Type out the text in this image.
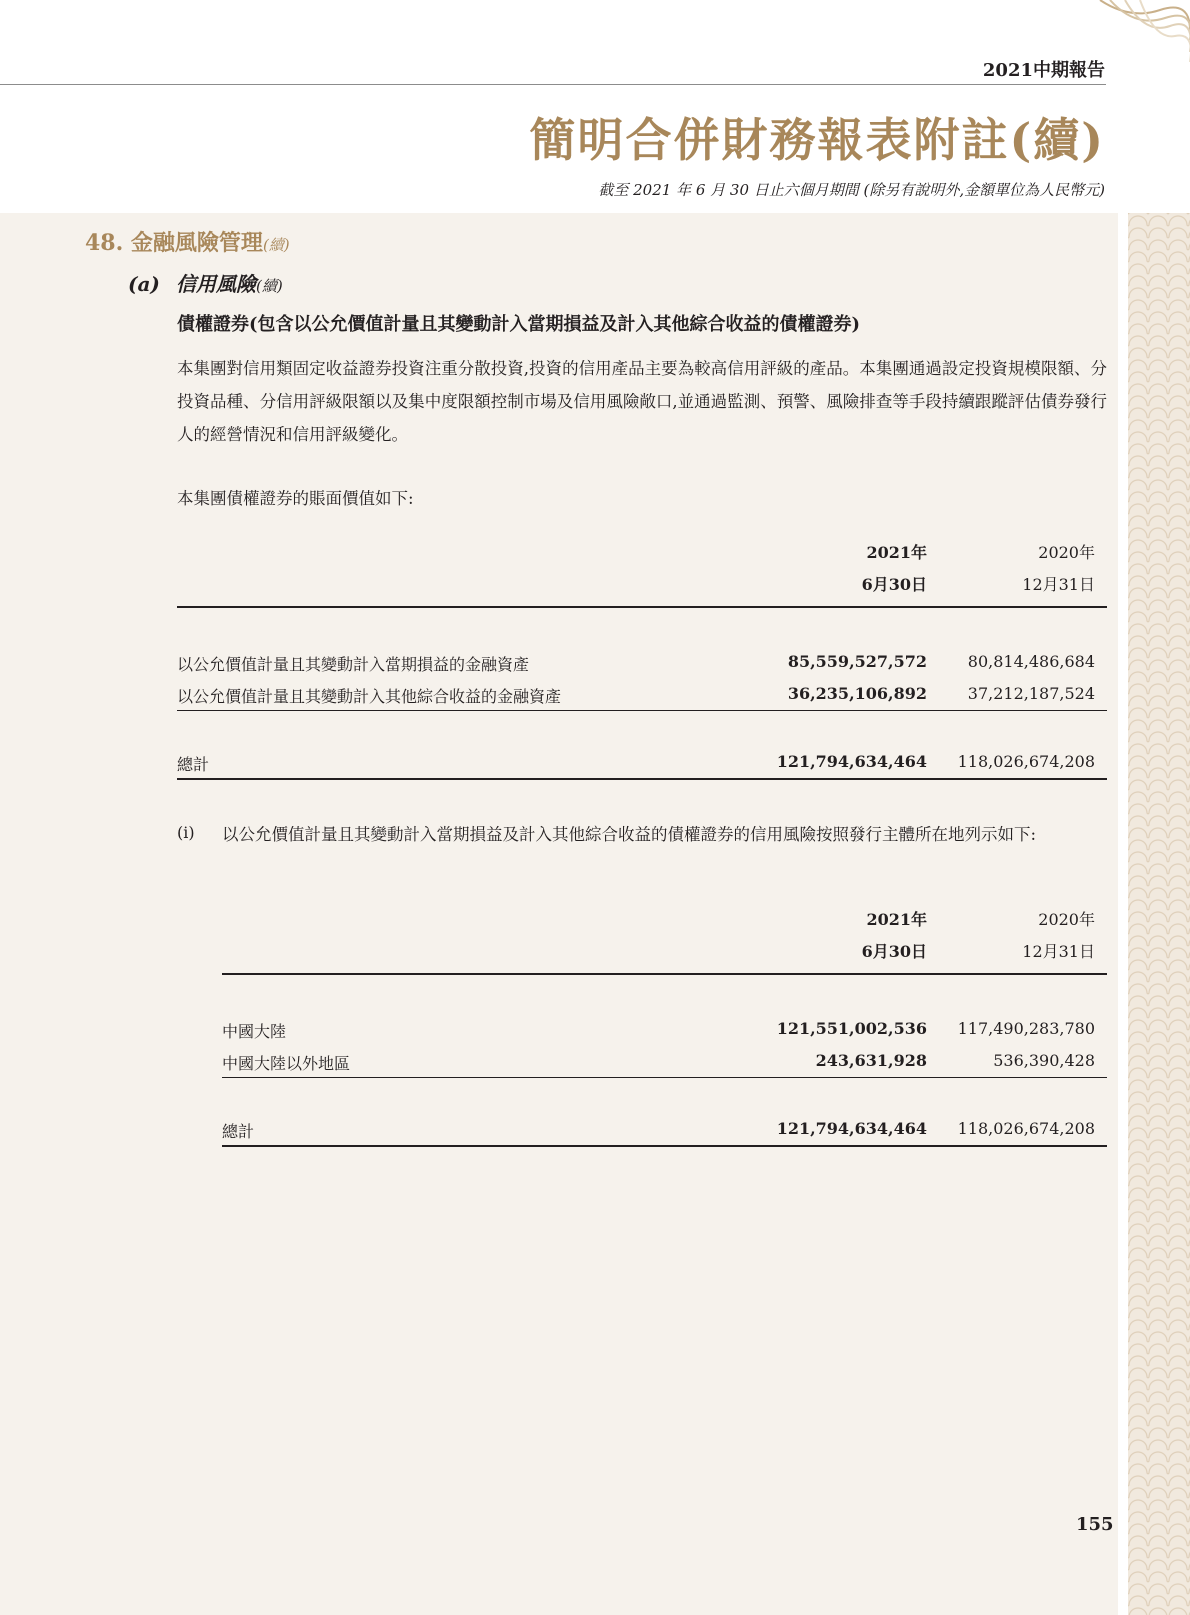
2021中期報告
簡明合併財務報表附註(續)
截至 2021 年 6 月 30 日止六個月期間 (除另有說明外,金額單位為人民幣元)
48. 金融風險管理(續)
(a) 信用風險(續)
債權證券(包含以公允價值計量且其變動計入當期損益及計入其他綜合收益的債權證券)
本集團對信用類固定收益證券投資注重分散投資,投資的信用產品主要為較高信用評級的產品。本集團通過設定投資規模限額、分投資品種、分信用評級限額以及集中度限額控制市場及信用風險敞口,並通過監測、預警、風險排查等手段持續跟蹤評估債券發行人的經營情況和信用評級變化。
本集團債權證券的賬面價值如下:
2021年	2020年
6月30日	12月31日
以公允價值計量且其變動計入當期損益的金融資產	85,559,527,572	80,814,486,684
以公允價值計量且其變動計入其他綜合收益的金融資產	36,235,106,892	37,212,187,524
總計	121,794,634,464 118,026,674,208
(i) 以公允價值計量且其變動計入當期損益及計入其他綜合收益的債權證券的信用風險按照發行主體所在地列示如下:
2021年	2020年
6月30日	12月31日
中國大陸	121,551,002,536 117,490,283,780
中國大陸以外地區	243,631,928	536,390,428
總計	121,794,634,464 118,026,674,208
155
